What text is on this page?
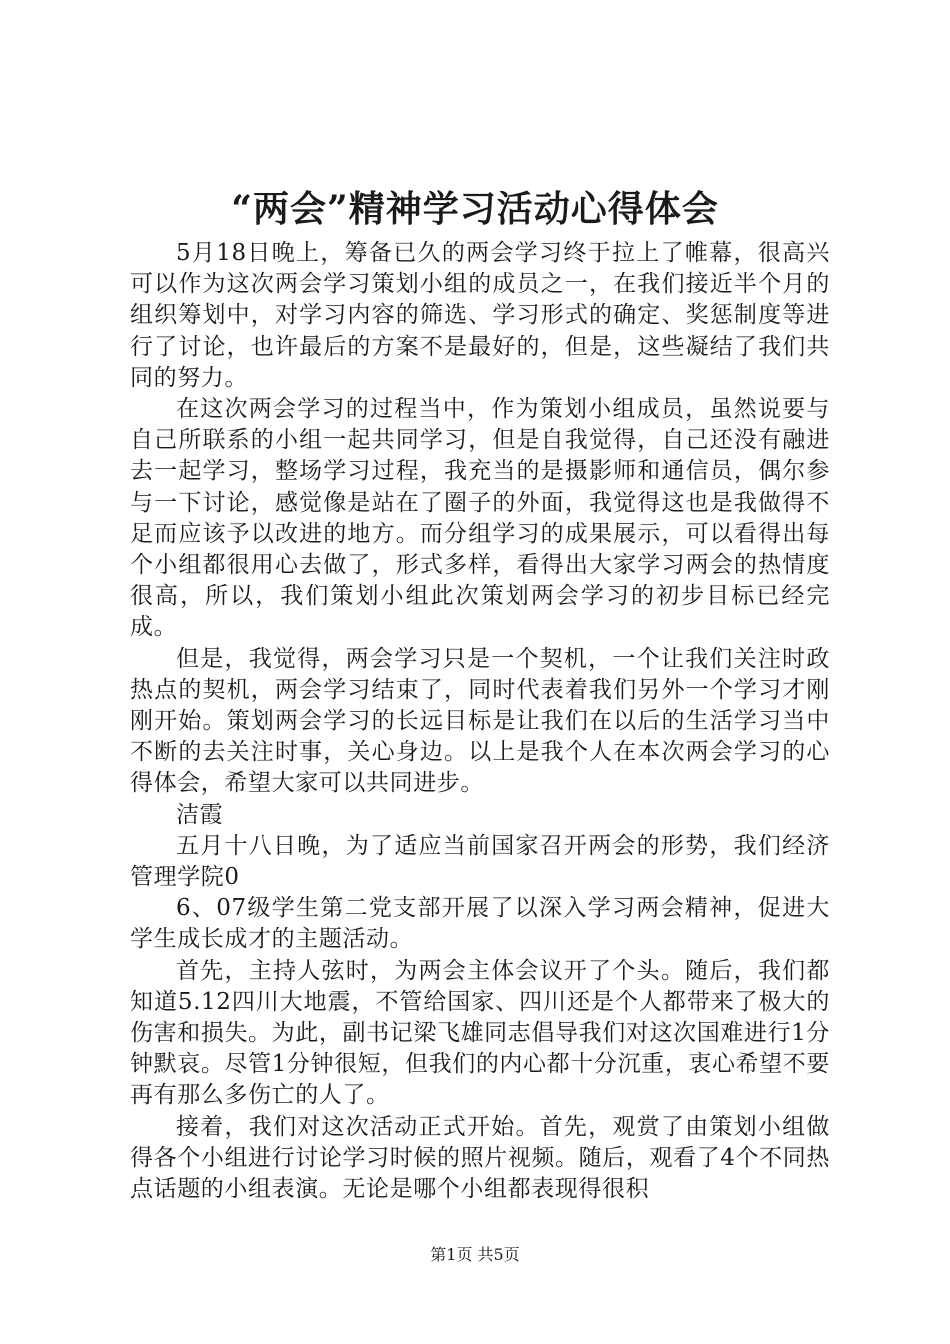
“两会”精神学习活动心得体会

5月18日晚上，筹备已久的两会学习终于拉上了帷幕，很高兴可以作为这次两会学习策划小组的成员之一，在我们接近半个月的组织筹划中，对学习内容的筛选、学习形式的确定、奖惩制度等进行了讨论，也许最后的方案不是最好的，但是，这些凝结了我们共同的努力。

在这次两会学习的过程当中，作为策划小组成员，虽然说要与自己所联系的小组一起共同学习，但是自我觉得，自己还没有融进去一起学习，整场学习过程，我充当的是摄影师和通信员，偶尔参与一下讨论，感觉像是站在了圈子的外面，我觉得这也是我做得不足而应该予以改进的地方。而分组学习的成果展示，可以看得出每个小组都很用心去做了，形式多样，看得出大家学习两会的热情度很高，所以，我们策划小组此次策划两会学习的初步目标已经完成。

但是，我觉得，两会学习只是一个契机，一个让我们关注时政热点的契机，两会学习结束了，同时代表着我们另外一个学习才刚刚开始。策划两会学习的长远目标是让我们在以后的生活学习当中不断的去关注时事，关心身边。以上是我个人在本次两会学习的心得体会，希望大家可以共同进步。

洁霞

五月十八日晚，为了适应当前国家召开两会的形势，我们经济管理学院0

6、07级学生第二党支部开展了以深入学习两会精神，促进大学生成长成才的主题活动。

首先，主持人弦时，为两会主体会议开了个头。随后，我们都知道5.12四川大地震，不管给国家、四川还是个人都带来了极大的伤害和损失。为此，副书记梁飞雄同志倡导我们对这次国难进行1分钟默哀。尽管1分钟很短，但我们的内心都十分沉重，衷心希望不要再有那么多伤亡的人了。

接着，我们对这次活动正式开始。首先，观赏了由策划小组做得各个小组进行讨论学习时候的照片视频。随后，观看了4个不同热点话题的小组表演。无论是哪个小组都表现得很积

第1页 共5页
